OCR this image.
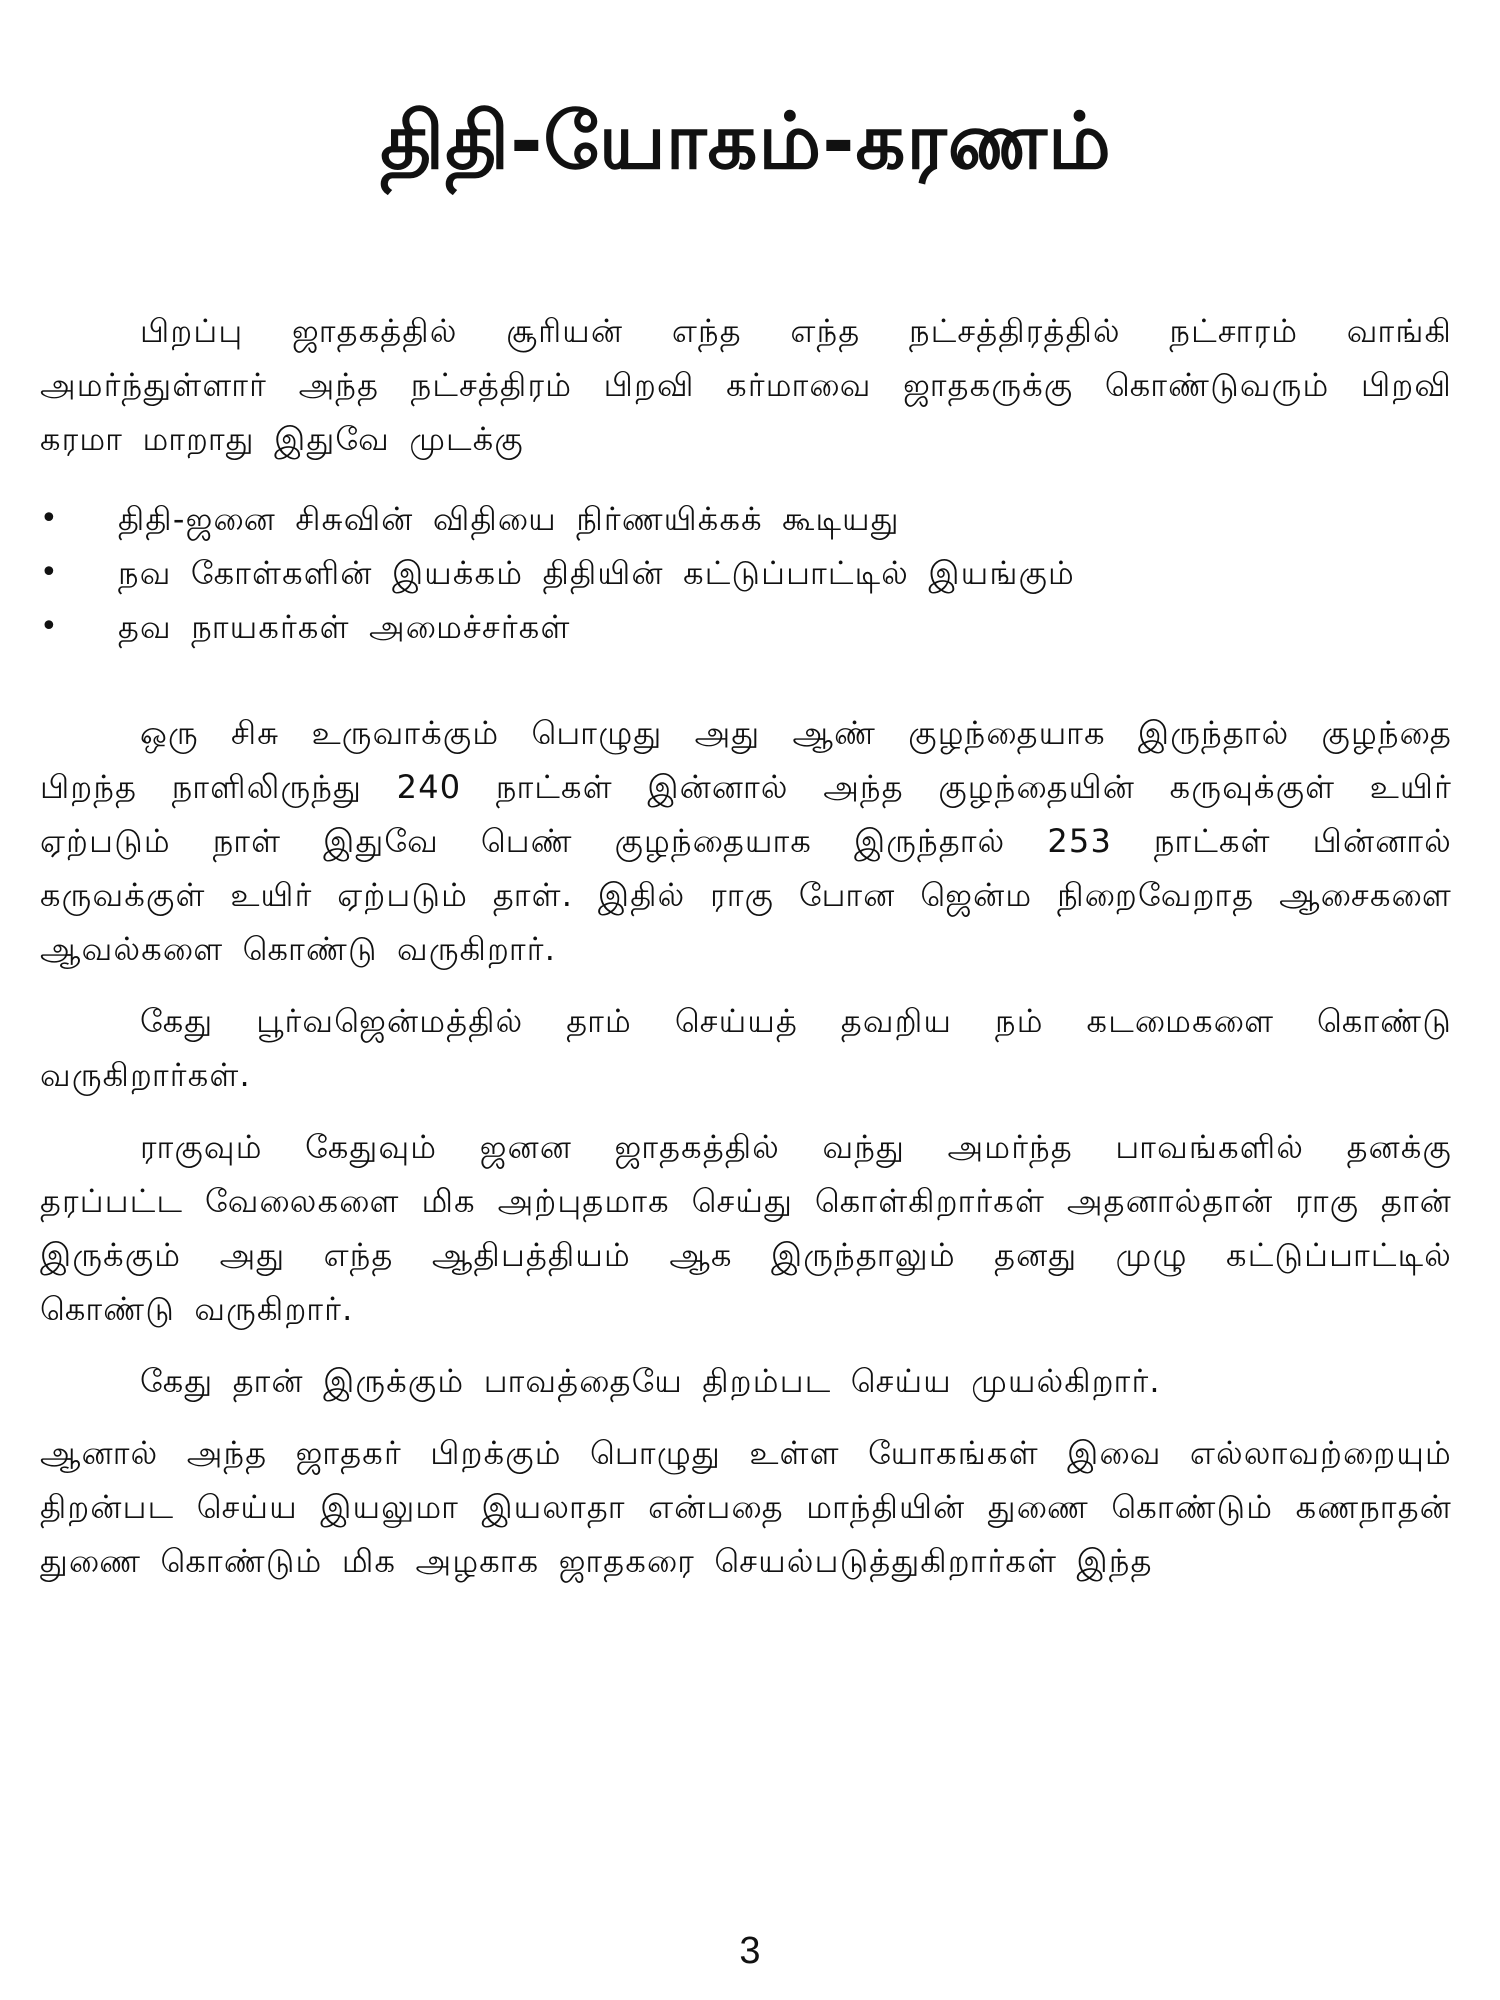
திதி-யோகம்-கரணம்

பிறப்பு ஜாதகத்தில் சூரியன் எந்த எந்த நட்சத்திரத்தில் நட்சாரம் வாங்கி அமர்ந்துள்ளார் அந்த நட்சத்திரம் பிறவி கர்மாவை ஜாதகருக்கு கொண்டுவரும் பிறவி கரமா மாறாது இதுவே முடக்கு

• திதி-ஜனை சிசுவின் விதியை நிர்ணயிக்கக் கூடியது
• நவ கோள்களின் இயக்கம் திதியின் கட்டுப்பாட்டில் இயங்கும்
• தவ நாயகர்கள் அமைச்சர்கள்

ஒரு சிசு உருவாக்கும் பொழுது அது ஆண் குழந்தையாக இருந்தால் குழந்தை பிறந்த நாளிலிருந்து 240 நாட்கள் இன்னால் அந்த குழந்தையின் கருவுக்குள் உயிர் ஏற்படும் நாள் இதுவே பெண் குழந்தையாக இருந்தால் 253 நாட்கள் பின்னால் கருவக்குள் உயிர் ஏற்படும் தாள். இதில் ராகு போன ஜென்ம நிறைவேறாத ஆசைகளை ஆவல்களை கொண்டு வருகிறார்.

கேது பூர்வஜென்மத்தில் தாம் செய்யத் தவறிய நம் கடமைகளை கொண்டு வருகிறார்கள்.

ராகுவும் கேதுவும் ஜனன ஜாதகத்தில் வந்து அமர்ந்த பாவங்களில் தனக்கு தரப்பட்ட வேலைகளை மிக அற்புதமாக செய்து கொள்கிறார்கள் அதனால்தான் ராகு தான் இருக்கும் அது எந்த ஆதிபத்தியம் ஆக இருந்தாலும் தனது முழு கட்டுப்பாட்டில் கொண்டு வருகிறார்.

கேது தான் இருக்கும் பாவத்தையே திறம்பட செய்ய முயல்கிறார்.

ஆனால் அந்த ஜாதகர் பிறக்கும் பொழுது உள்ள யோகங்கள் இவை எல்லாவற்றையும் திறன்பட செய்ய இயலுமா இயலாதா என்பதை மாந்தியின் துணை கொண்டும் கணநாதன் துணை கொண்டும் மிக அழகாக ஜாதகரை செயல்படுத்துகிறார்கள் இந்த

3
